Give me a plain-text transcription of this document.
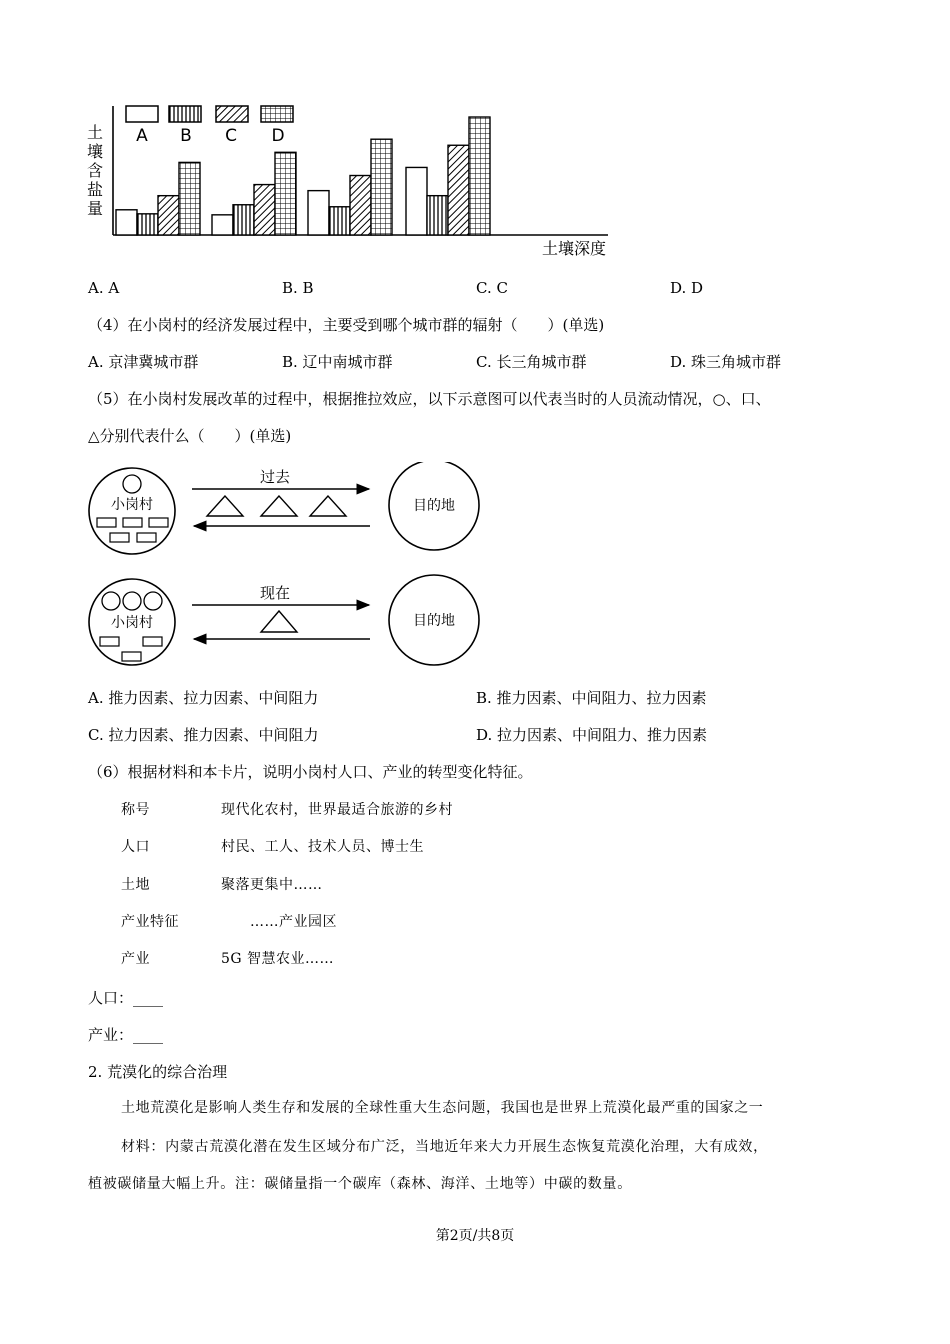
A B C D
土壤含盐量
土壤深度
A. A	B. B	C. C	D. D
（4）在小岗村的经济发展过程中，主要受到哪个城市群的辐射（　　）(单选)
A. 京津冀城市群	B. 辽中南城市群	C. 长三角城市群	D. 珠三角城市群
（5）在小岗村发展改革的过程中，根据推拉效应，以下示意图可以代表当时的人员流动情况，○、口、
△分别代表什么（　　）(单选)
小岗村
过去
目的地
小岗村
现在
目的地
A. 推力因素、拉力因素、中间阻力	B. 推力因素、中间阻力、拉力因素
C. 拉力因素、推力因素、中间阻力	D. 拉力因素、中间阻力、推力因素
（6）根据材料和本卡片，说明小岗村人口、产业的转型变化特征。
称号	现代化农村，世界最适合旅游的乡村
人口	村民、工人、技术人员、博士生
土地	聚落更集中……
产业特征	……产业园区
产业	5G 智慧农业……
人口：____
产业：____
2. 荒漠化的综合治理
土地荒漠化是影响人类生存和发展的全球性重大生态问题，我国也是世界上荒漠化最严重的国家之一
材料：内蒙古荒漠化潜在发生区域分布广泛，当地近年来大力开展生态恢复荒漠化治理，大有成效，
植被碳储量大幅上升。注：碳储量指一个碳库（森林、海洋、土地等）中碳的数量。
第2页/共8页
